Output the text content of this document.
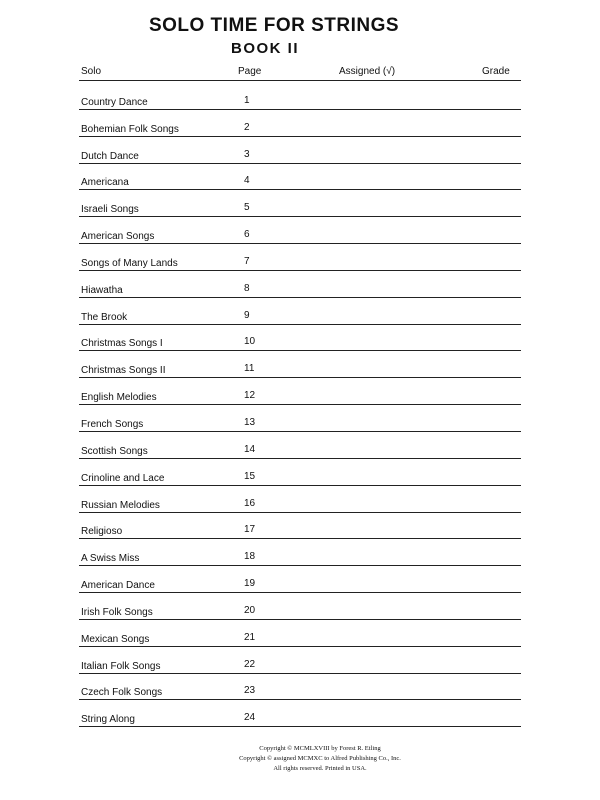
SOLO TIME FOR STRINGS
BOOK II
Solo	Page	Assigned (√)	Grade
Country Dance	1
Bohemian Folk Songs	2
Dutch Dance	3
Americana	4
Israeli Songs	5
American Songs	6
Songs of Many Lands	7
Hiawatha	8
The Brook	9
Christmas Songs I	10
Christmas Songs II	11
English Melodies	12
French Songs	13
Scottish Songs	14
Crinoline and Lace	15
Russian Melodies	16
Religioso	17
A Swiss Miss	18
American Dance	19
Irish Folk Songs	20
Mexican Songs	21
Italian Folk Songs	22
Czech Folk Songs	23
String Along	24
Copyright © MCMLXVIII by Forest R. Etling
Copyright © assigned MCMXC to Alfred Publishing Co., Inc.
All rights reserved. Printed in USA.
